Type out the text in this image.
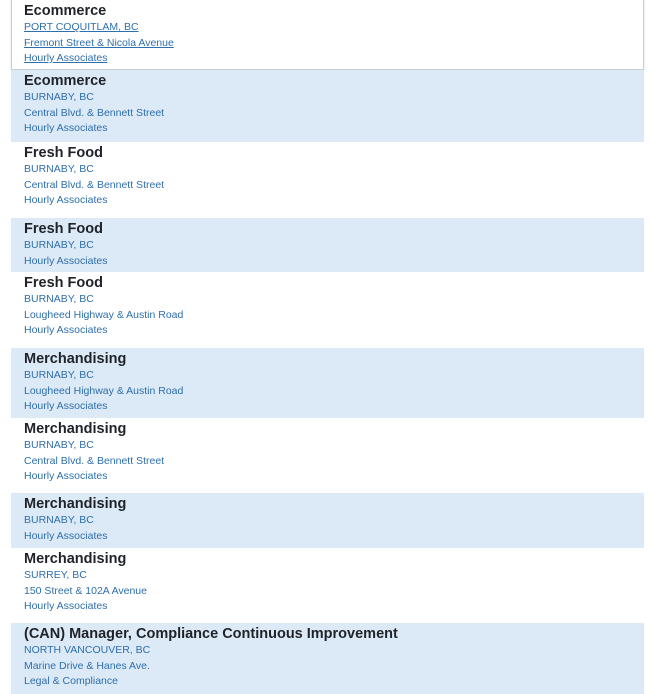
Ecommerce
PORT COQUITLAM, BC
Fremont Street & Nicola Avenue
Hourly Associates
Ecommerce
BURNABY, BC
Central Blvd. & Bennett Street
Hourly Associates
Fresh Food
BURNABY, BC
Central Blvd. & Bennett Street
Hourly Associates
Fresh Food
BURNABY, BC
Hourly Associates
Fresh Food
BURNABY, BC
Lougheed Highway & Austin Road
Hourly Associates
Merchandising
BURNABY, BC
Lougheed Highway & Austin Road
Hourly Associates
Merchandising
BURNABY, BC
Central Blvd. & Bennett Street
Hourly Associates
Merchandising
BURNABY, BC
Hourly Associates
Merchandising
SURREY, BC
150 Street & 102A Avenue
Hourly Associates
(CAN) Manager, Compliance Continuous Improvement
NORTH VANCOUVER, BC
Marine Drive & Hanes Ave.
Legal & Compliance
